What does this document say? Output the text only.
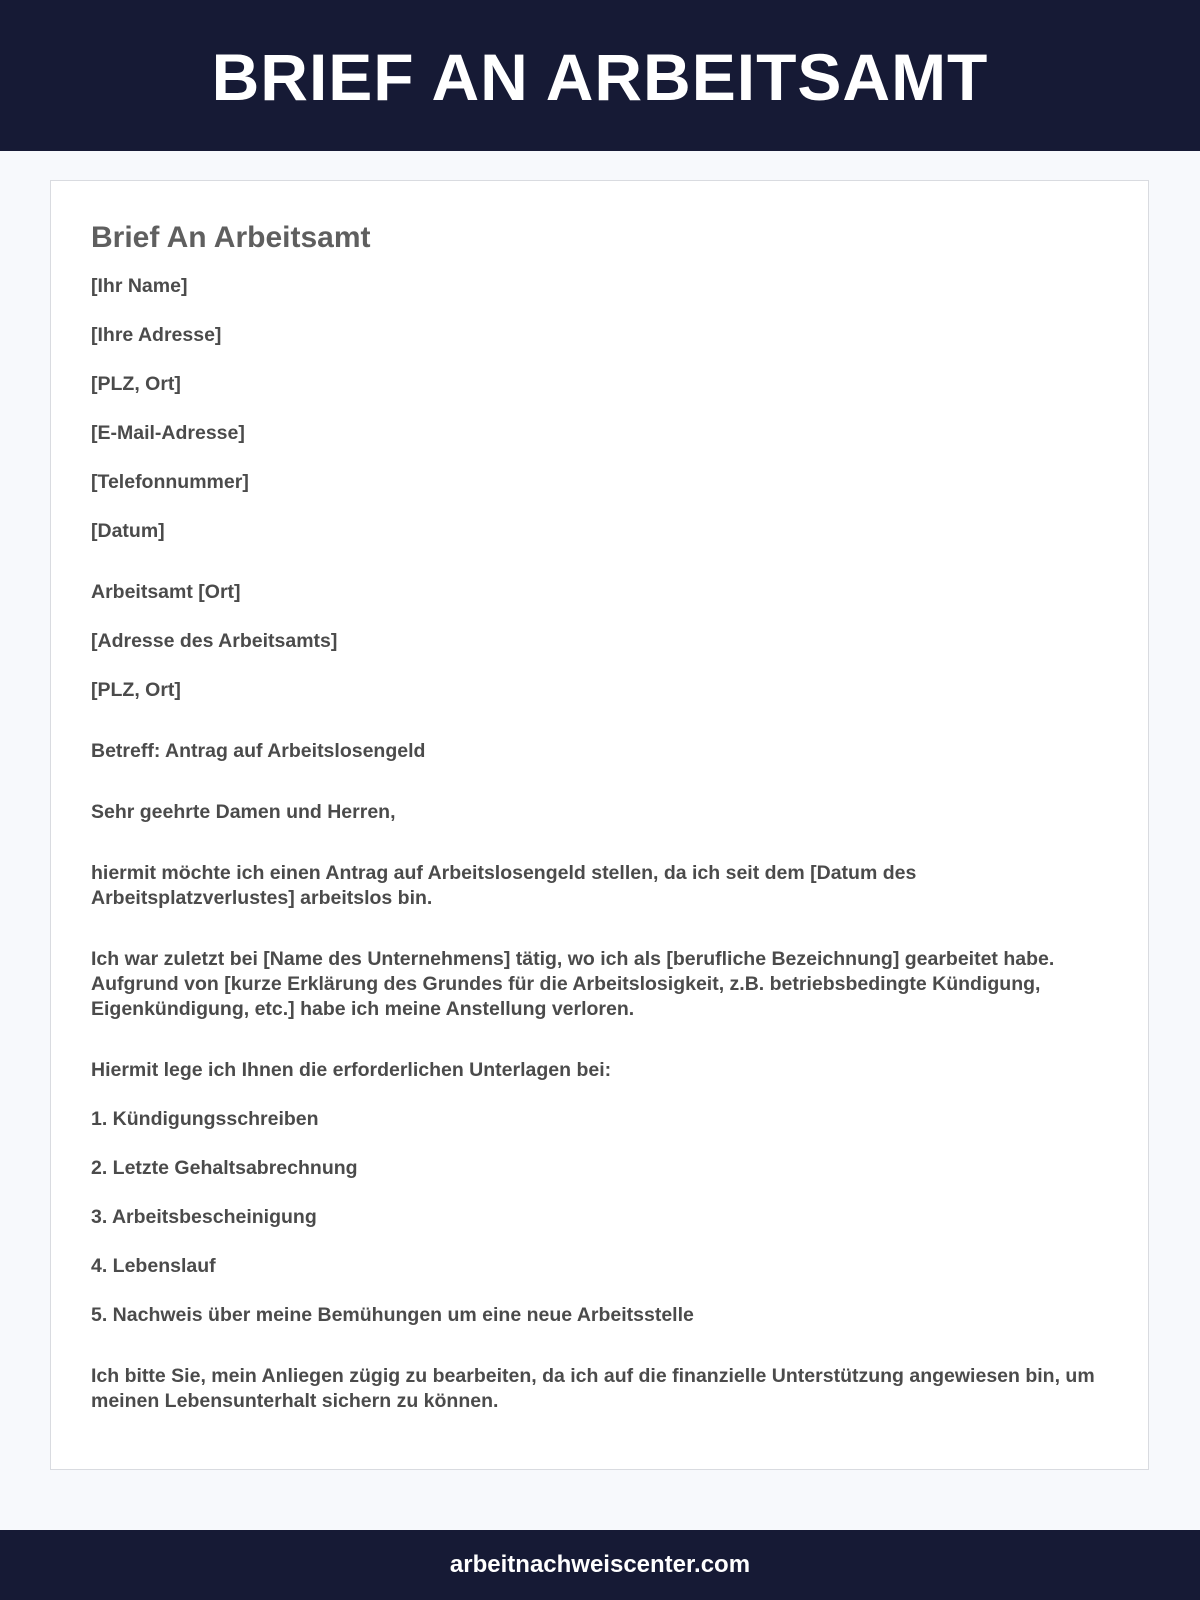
BRIEF AN ARBEITSAMT
Brief An Arbeitsamt

[Ihr Name]

[Ihre Adresse]

[PLZ, Ort]

[E-Mail-Adresse]

[Telefonnummer]

[Datum]

Arbeitsamt [Ort]

[Adresse des Arbeitsamts]

[PLZ, Ort]

Betreff: Antrag auf Arbeitslosengeld

Sehr geehrte Damen und Herren,

hiermit möchte ich einen Antrag auf Arbeitslosengeld stellen, da ich seit dem [Datum des Arbeitsplatzverlustes] arbeitslos bin.

Ich war zuletzt bei [Name des Unternehmens] tätig, wo ich als [berufliche Bezeichnung] gearbeitet habe. Aufgrund von [kurze Erklärung des Grundes für die Arbeitslosigkeit, z.B. betriebsbedingte Kündigung, Eigenkündigung, etc.] habe ich meine Anstellung verloren.

Hiermit lege ich Ihnen die erforderlichen Unterlagen bei:

1. Kündigungsschreiben

2. Letzte Gehaltsabrechnung

3. Arbeitsbescheinigung

4. Lebenslauf

5. Nachweis über meine Bemühungen um eine neue Arbeitsstelle

Ich bitte Sie, mein Anliegen zügig zu bearbeiten, da ich auf die finanzielle Unterstützung angewiesen bin, um meinen Lebensunterhalt sichern zu können.

arbeitnachweiscenter.com
